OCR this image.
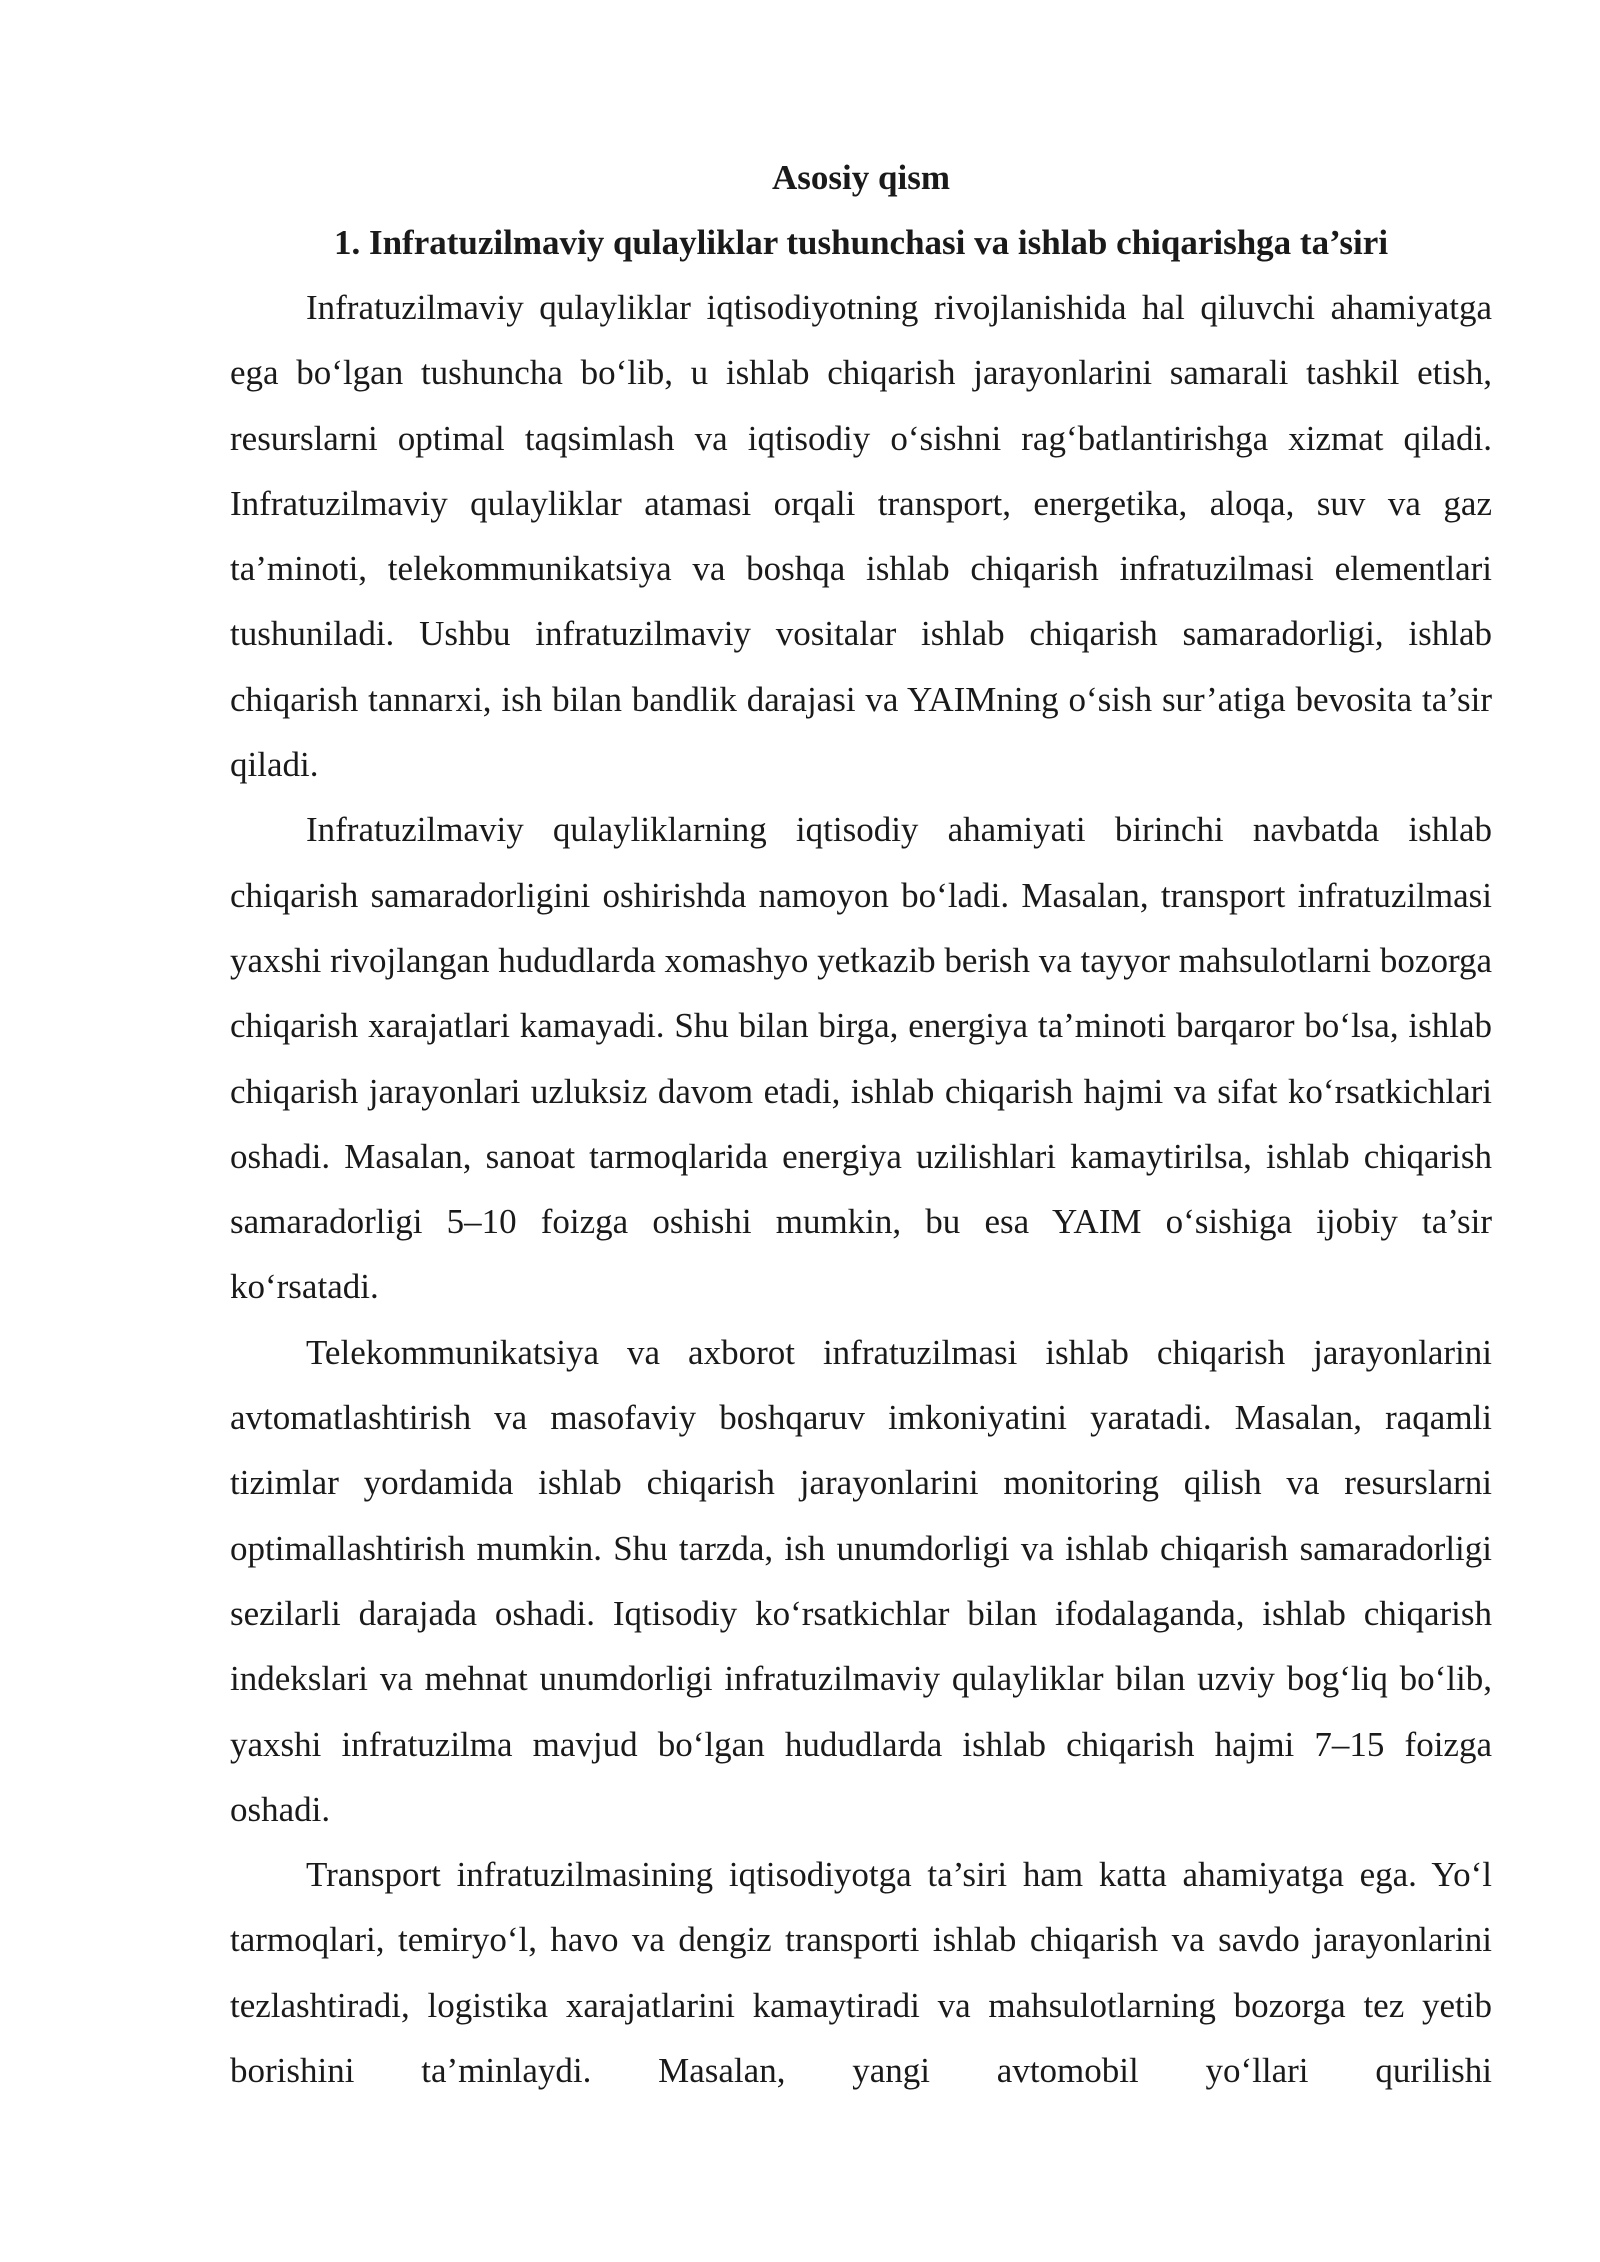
Asosiy qism
1. Infratuzilmaviy qulayliklar tushunchasi va ishlab chiqarishga ta’siri

Infratuzilmaviy qulayliklar iqtisodiyotning rivojlanishida hal qiluvchi ahamiyatga ega bo‘lgan tushuncha bo‘lib, u ishlab chiqarish jarayonlarini samarali tashkil etish, resurslarni optimal taqsimlash va iqtisodiy o‘sishni rag‘batlantirishga xizmat qiladi. Infratuzilmaviy qulayliklar atamasi orqali transport, energetika, aloqa, suv va gaz ta’minoti, telekommunikatsiya va boshqa ishlab chiqarish infratuzilmasi elementlari tushuniladi. Ushbu infratuzilmaviy vositalar ishlab chiqarish samaradorligi, ishlab chiqarish tannarxi, ish bilan bandlik darajasi va YAIMning o‘sish sur’atiga bevosita ta’sir qiladi.

Infratuzilmaviy qulayliklarning iqtisodiy ahamiyati birinchi navbatda ishlab chiqarish samaradorligini oshirishda namoyon bo‘ladi. Masalan, transport infratuzilmasi yaxshi rivojlangan hududlarda xomashyo yetkazib berish va tayyor mahsulotlarni bozorga chiqarish xarajatlari kamayadi. Shu bilan birga, energiya ta’minoti barqaror bo‘lsa, ishlab chiqarish jarayonlari uzluksiz davom etadi, ishlab chiqarish hajmi va sifat ko‘rsatkichlari oshadi. Masalan, sanoat tarmoqlarida energiya uzilishlari kamaytirilsa, ishlab chiqarish samaradorligi 5–10 foizga oshishi mumkin, bu esa YAIM o‘sishiga ijobiy ta’sir ko‘rsatadi.

Telekommunikatsiya va axborot infratuzilmasi ishlab chiqarish jarayonlarini avtomatlashtirish va masofaviy boshqaruv imkoniyatini yaratadi. Masalan, raqamli tizimlar yordamida ishlab chiqarish jarayonlarini monitoring qilish va resurslarni optimallashtirish mumkin. Shu tarzda, ish unumdorligi va ishlab chiqarish samaradorligi sezilarli darajada oshadi. Iqtisodiy ko‘rsatkichlar bilan ifodalaganda, ishlab chiqarish indekslari va mehnat unumdorligi infratuzilmaviy qulayliklar bilan uzviy bog‘liq bo‘lib, yaxshi infratuzilma mavjud bo‘lgan hududlarda ishlab chiqarish hajmi 7–15 foizga oshadi.

Transport infratuzilmasining iqtisodiyotga ta’siri ham katta ahamiyatga ega. Yo‘l tarmoqlari, temiryo‘l, havo va dengiz transporti ishlab chiqarish va savdo jarayonlarini tezlashtiradi, logistika xarajatlarini kamaytiradi va mahsulotlarning bozorga tez yetib borishini ta’minlaydi. Masalan, yangi avtomobil yo‘llari qurilishi
